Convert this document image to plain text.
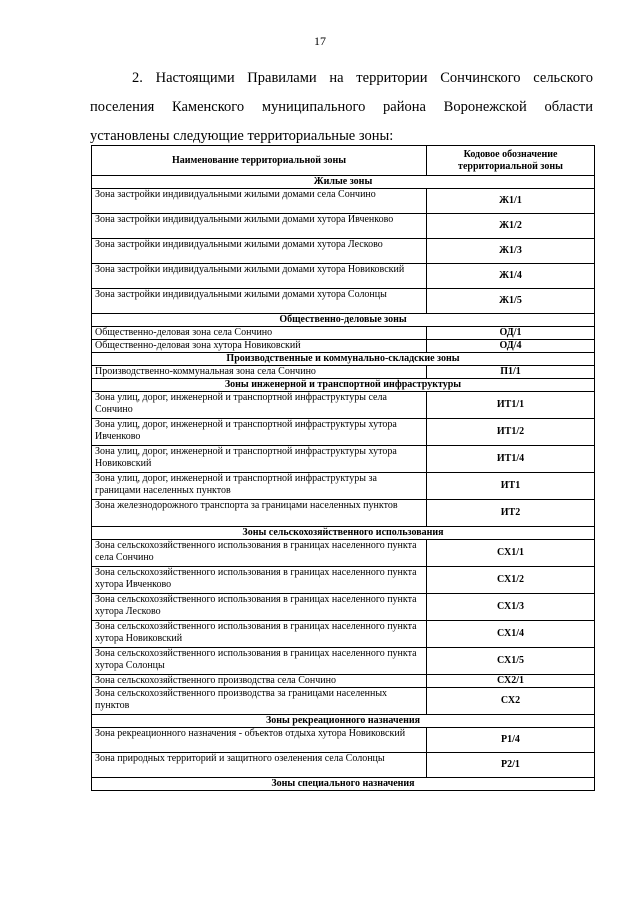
17

2. Настоящими Правилами на территории Сончинского сельского поселения Каменского муниципального района Воронежской области установлены следующие территориальные зоны:

Наименование территориальной зоны	Кодовое обозначение территориальной зоны
Жилые зоны	
Зона застройки индивидуальными жилыми домами села Сончино	Ж1/1
Зона застройки индивидуальными жилыми домами хутора Ивченково	Ж1/2
Зона застройки индивидуальными жилыми домами хутора Лесково	Ж1/3
Зона застройки индивидуальными жилыми домами хутора Новиковский	Ж1/4
Зона застройки индивидуальными жилыми домами хутора Солонцы	Ж1/5
Общественно-деловые зоны	
Общественно-деловая зона села Сончино	ОД/1
Общественно-деловая зона хутора Новиковский	ОД/4
Производственные и коммунально-складские зоны	
Производственно-коммунальная зона села Сончино	П1/1
Зоны инженерной и транспортной инфраструктуры	
Зона улиц, дорог, инженерной и транспортной инфраструктуры села Сончино	ИТ1/1
Зона улиц, дорог, инженерной и транспортной инфраструктуры хутора Ивченково	ИТ1/2
Зона улиц, дорог, инженерной и транспортной инфраструктуры хутора Новиковский	ИТ1/4
Зона улиц, дорог, инженерной и транспортной инфраструктуры за границами населенных пунктов	ИТ1
Зона железнодорожного транспорта за границами населенных пунктов	ИТ2
Зоны сельскохозяйственного использования	
Зона сельскохозяйственного использования в границах населенного пункта села Сончино	СХ1/1
Зона сельскохозяйственного использования в границах населенного пункта хутора Ивченково	СХ1/2
Зона сельскохозяйственного использования в границах населенного пункта хутора Лесково	СХ1/3
Зона сельскохозяйственного использования в границах населенного пункта хутора Новиковский	СХ1/4
Зона сельскохозяйственного использования в границах населенного пункта хутора Солонцы	СХ1/5
Зона сельскохозяйственного производства села Сончино	СХ2/1
Зона сельскохозяйственного производства за границами населенных пунктов	СХ2
Зоны рекреационного назначения	
Зона рекреационного назначения - объектов отдыха хутора Новиковский	Р1/4
Зона природных территорий и защитного озеленения села Солонцы	Р2/1
Зоны специального назначения	
